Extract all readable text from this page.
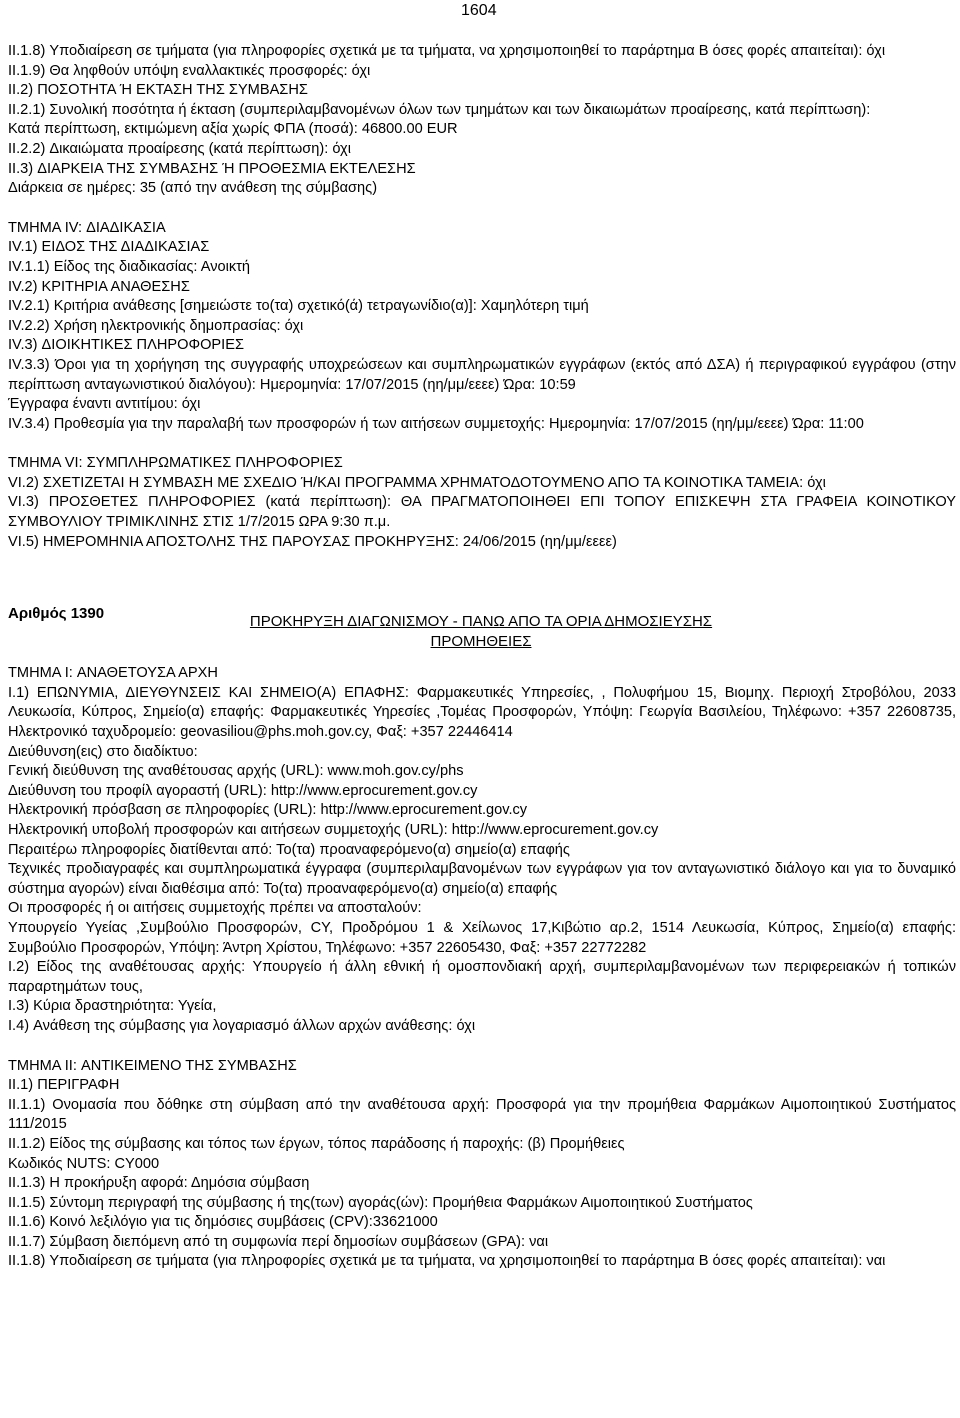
1604

II.1.8) Υποδιαίρεση σε τμήματα (για πληροφορίες σχετικά με τα τμήματα, να χρησιμοποιηθεί το παράρτημα Β όσες φορές απαιτείται): όχι

II.1.9) Θα ληφθούν υπόψη εναλλακτικές προσφορές: όχι

II.2) ΠΟΣΟΤΗΤΑ Ή ΕΚΤΑΣΗ ΤΗΣ ΣΥΜΒΑΣΗΣ

II.2.1) Συνολική ποσότητα ή έκταση (συμπεριλαμβανομένων όλων των τμημάτων και των δικαιωμάτων προαίρεσης, κατά περίπτωση):

Κατά περίπτωση, εκτιμώμενη αξία χωρίς ΦΠΑ (ποσά): 46800.00 EUR

II.2.2) Δικαιώματα προαίρεσης (κατά περίπτωση): όχι

II.3) ΔΙΑΡΚΕΙΑ ΤΗΣ ΣΥΜΒΑΣΗΣ Ή ΠΡΟΘΕΣΜΙΑ ΕΚΤΕΛΕΣΗΣ

Διάρκεια σε ημέρες: 35 (από την ανάθεση της σύμβασης)

ΤΜΗΜΑ IV: ΔΙΑΔΙΚΑΣΙΑ

IV.1) ΕΙΔΟΣ ΤΗΣ ΔΙΑΔΙΚΑΣΙΑΣ

IV.1.1) Είδος της διαδικασίας: Ανοικτή

IV.2) ΚΡΙΤΗΡΙΑ ΑΝΑΘΕΣΗΣ

IV.2.1) Κριτήρια ανάθεσης [σημειώστε το(τα) σχετικό(ά) τετραγωνίδιο(α)]: Χαμηλότερη τιμή

IV.2.2) Χρήση ηλεκτρονικής δημοπρασίας: όχι

IV.3) ΔΙΟΙΚΗΤΙΚΕΣ ΠΛΗΡΟΦΟΡΙΕΣ

IV.3.3) Όροι για τη χορήγηση της συγγραφής υποχρεώσεων και συμπληρωματικών εγγράφων (εκτός από ΔΣΑ) ή περιγραφικού εγγράφου (στην περίπτωση ανταγωνιστικού διαλόγου): Ημερομηνία: 17/07/2015 (ηη/μμ/εεεε) Ώρα: 10:59

Έγγραφα έναντι αντιτίμου: όχι

IV.3.4) Προθεσμία για την παραλαβή των προσφορών ή των αιτήσεων συμμετοχής: Ημερομηνία: 17/07/2015 (ηη/μμ/εεεε) Ώρα: 11:00

ΤΜΗΜΑ VI: ΣΥΜΠΛΗΡΩΜΑΤΙΚΕΣ ΠΛΗΡΟΦΟΡΙΕΣ

VI.2) ΣΧΕΤΙΖΕΤΑΙ Η ΣΥΜΒΑΣΗ ΜΕ ΣΧΕΔΙΟ Ή/ΚΑΙ ΠΡΟΓΡΑΜΜΑ ΧΡΗΜΑΤΟΔΟΤΟΥΜΕΝΟ ΑΠΟ ΤΑ ΚΟΙΝΟΤΙΚΑ ΤΑΜΕΙΑ: όχι

VI.3) ΠΡΟΣΘΕΤΕΣ ΠΛΗΡΟΦΟΡΙΕΣ (κατά περίπτωση): ΘΑ ΠΡΑΓΜΑΤΟΠΟΙΗΘΕΙ ΕΠΙ ΤΟΠΟΥ ΕΠΙΣΚΕΨΗ ΣΤΑ ΓΡΑΦΕΙΑ ΚΟΙΝΟΤΙΚΟΥ ΣΥΜΒΟΥΛΙΟΥ ΤΡΙΜΙΚΛΙΝΗΣ ΣΤΙΣ 1/7/2015 ΩΡΑ 9:30 π.μ.

VI.5) ΗΜΕΡΟΜΗΝΙΑ ΑΠΟΣΤΟΛΗΣ ΤΗΣ ΠΑΡΟΥΣΑΣ ΠΡΟΚΗΡΥΞΗΣ: 24/06/2015 (ηη/μμ/εεεε)

Αριθμός 1390	ΠΡΟΚΗΡΥΞΗ ΔΙΑΓΩΝΙΣΜΟΥ - ΠΑΝΩ ΑΠΟ ΤΑ ΟΡΙΑ ΔΗΜΟΣΙΕΥΣΗΣ
ΠΡΟΜΗΘΕΙΕΣ

ΤΜΗΜΑ I: ΑΝΑΘΕΤΟΥΣΑ ΑΡΧΗ

I.1) ΕΠΩΝΥΜΙΑ, ΔΙΕΥΘΥΝΣΕΙΣ ΚΑΙ ΣΗΜΕΙΟ(Α) ΕΠΑΦΗΣ: Φαρμακευτικές Υπηρεσίες, , Πολυφήμου 15, Βιομηχ. Περιοχή Στροβόλου, 2033 Λευκωσία, Κύπρος, Σημείο(α) επαφής: Φαρμακευτικές Υηρεσίες ,Τομέας Προσφορών, Υπόψη: Γεωργία Βασιλείου, Τηλέφωνο: +357 22608735, Ηλεκτρονικό ταχυδρομείο: geovasiliou@phs.moh.gov.cy, Φαξ: +357 22446414

Διεύθυνση(εις) στο διαδίκτυο:

Γενική διεύθυνση της αναθέτουσας αρχής (URL): www.moh.gov.cy/phs

Διεύθυνση του προφίλ αγοραστή (URL): http://www.eprocurement.gov.cy

Ηλεκτρονική πρόσβαση σε πληροφορίες (URL): http://www.eprocurement.gov.cy

Ηλεκτρονική υποβολή προσφορών και αιτήσεων συμμετοχής (URL): http://www.eprocurement.gov.cy

Περαιτέρω πληροφορίες διατίθενται από: Το(τα) προαναφερόμενο(α) σημείο(α) επαφής

Τεχνικές προδιαγραφές και συμπληρωματικά έγγραφα (συμπεριλαμβανομένων των εγγράφων για τον ανταγωνιστικό διάλογο και για το δυναμικό σύστημα αγορών) είναι διαθέσιμα από: Το(τα) προαναφερόμενο(α) σημείο(α) επαφής

Οι προσφορές ή οι αιτήσεις συμμετοχής πρέπει να αποσταλούν:

Υπουργείο Υγείας ,Συμβούλιο Προσφορών, CY, Προδρόμου 1 & Χείλωνος 17,Κιβώτιο αρ.2, 1514 Λευκωσία, Κύπρος, Σημείο(α) επαφής: Συμβούλιο Προσφορών, Υπόψη: Άντρη Χρίστου, Τηλέφωνο: +357 22605430, Φαξ: +357 22772282

I.2) Είδος της αναθέτουσας αρχής: Υπουργείο ή άλλη εθνική ή ομοσπονδιακή αρχή, συμπεριλαμβανομένων των περιφερειακών ή τοπικών παραρτημάτων τους,

I.3) Κύρια δραστηριότητα: Υγεία,

I.4) Ανάθεση της σύμβασης για λογαριασμό άλλων αρχών ανάθεσης: όχι

ΤΜΗΜΑ II: ΑΝΤΙΚΕΙΜΕΝΟ ΤΗΣ ΣΥΜΒΑΣΗΣ

II.1) ΠΕΡΙΓΡΑΦΗ

II.1.1) Ονομασία που δόθηκε στη σύμβαση από την αναθέτουσα αρχή: Προσφορά για την προμήθεια Φαρμάκων Αιμοποιητικού Συστήματος 111/2015

II.1.2) Είδος της σύμβασης και τόπος των έργων, τόπος παράδοσης ή παροχής: (β) Προμήθειες

Κωδικός NUTS: CY000

II.1.3) Η προκήρυξη αφορά: Δημόσια σύμβαση

II.1.5) Σύντομη περιγραφή της σύμβασης ή της(των) αγοράς(ών): Προμήθεια Φαρμάκων Αιμοποιητικού Συστήματος

II.1.6) Κοινό λεξιλόγιο για τις δημόσιες συμβάσεις (CPV):33621000

II.1.7) Σύμβαση διεπόμενη από τη συμφωνία περί δημοσίων συμβάσεων (GPA): ναι

II.1.8) Υποδιαίρεση σε τμήματα (για πληροφορίες σχετικά με τα τμήματα, να χρησιμοποιηθεί το παράρτημα Β όσες φορές απαιτείται): ναι
